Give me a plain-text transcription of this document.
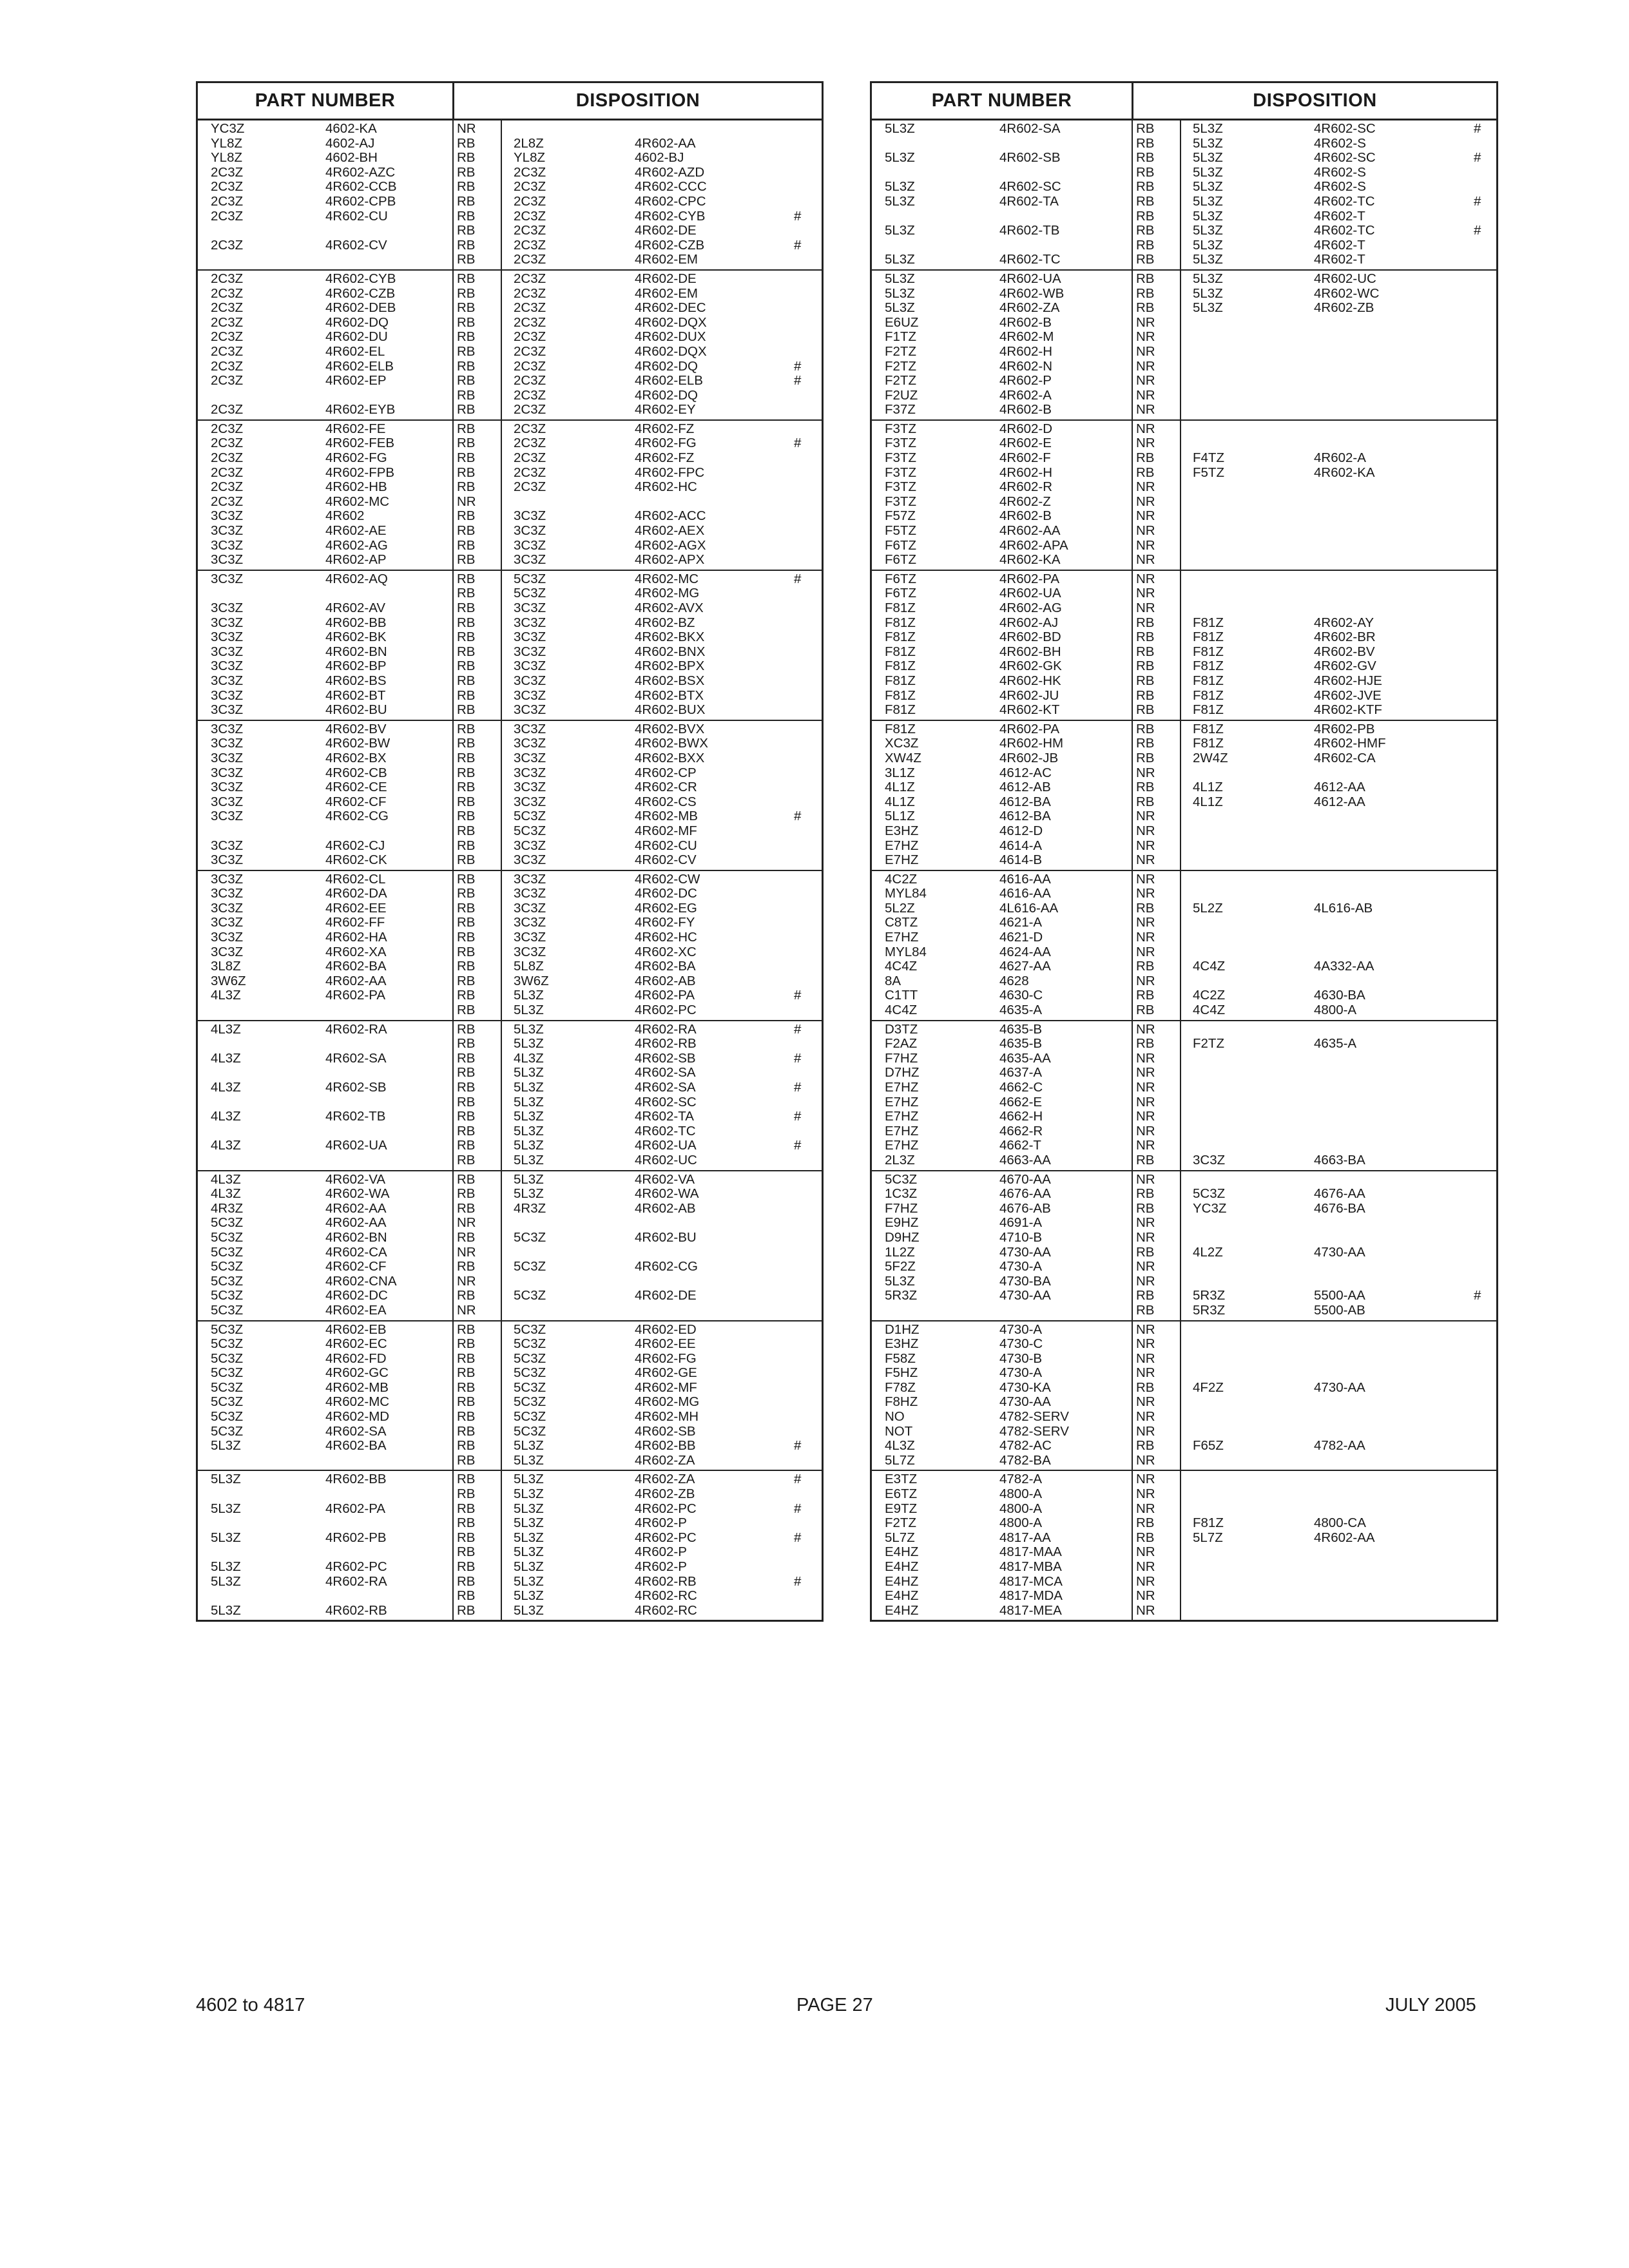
PART NUMBER	DISPOSITION
YC3Z	4602-KA	NR
YL8Z	4602-AJ	RB	2L8Z	4R602-AA
YL8Z	4602-BH	RB	YL8Z	4602-BJ
2C3Z	4R602-AZC	RB	2C3Z	4R602-AZD
2C3Z	4R602-CCB	RB	2C3Z	4R602-CCC
2C3Z	4R602-CPB	RB	2C3Z	4R602-CPC
2C3Z	4R602-CU	RB	2C3Z	4R602-CYB	#
RB	2C3Z	4R602-DE
2C3Z	4R602-CV	RB	2C3Z	4R602-CZB	#
RB	2C3Z	4R602-EM
2C3Z	4R602-CYB	RB	2C3Z	4R602-DE
2C3Z	4R602-CZB	RB	2C3Z	4R602-EM
2C3Z	4R602-DEB	RB	2C3Z	4R602-DEC
2C3Z	4R602-DQ	RB	2C3Z	4R602-DQX
2C3Z	4R602-DU	RB	2C3Z	4R602-DUX
2C3Z	4R602-EL	RB	2C3Z	4R602-DQX
2C3Z	4R602-ELB	RB	2C3Z	4R602-DQ	#
2C3Z	4R602-EP	RB	2C3Z	4R602-ELB	#
RB	2C3Z	4R602-DQ
2C3Z	4R602-EYB	RB	2C3Z	4R602-EY
2C3Z	4R602-FE	RB	2C3Z	4R602-FZ
2C3Z	4R602-FEB	RB	2C3Z	4R602-FG	#
2C3Z	4R602-FG	RB	2C3Z	4R602-FZ
2C3Z	4R602-FPB	RB	2C3Z	4R602-FPC
2C3Z	4R602-HB	RB	2C3Z	4R602-HC
2C3Z	4R602-MC	NR
3C3Z	4R602	RB	3C3Z	4R602-ACC
3C3Z	4R602-AE	RB	3C3Z	4R602-AEX
3C3Z	4R602-AG	RB	3C3Z	4R602-AGX
3C3Z	4R602-AP	RB	3C3Z	4R602-APX
3C3Z	4R602-AQ	RB	5C3Z	4R602-MC	#
RB	5C3Z	4R602-MG
3C3Z	4R602-AV	RB	3C3Z	4R602-AVX
3C3Z	4R602-BB	RB	3C3Z	4R602-BZ
3C3Z	4R602-BK	RB	3C3Z	4R602-BKX
3C3Z	4R602-BN	RB	3C3Z	4R602-BNX
3C3Z	4R602-BP	RB	3C3Z	4R602-BPX
3C3Z	4R602-BS	RB	3C3Z	4R602-BSX
3C3Z	4R602-BT	RB	3C3Z	4R602-BTX
3C3Z	4R602-BU	RB	3C3Z	4R602-BUX
3C3Z	4R602-BV	RB	3C3Z	4R602-BVX
3C3Z	4R602-BW	RB	3C3Z	4R602-BWX
3C3Z	4R602-BX	RB	3C3Z	4R602-BXX
3C3Z	4R602-CB	RB	3C3Z	4R602-CP
3C3Z	4R602-CE	RB	3C3Z	4R602-CR
3C3Z	4R602-CF	RB	3C3Z	4R602-CS
3C3Z	4R602-CG	RB	5C3Z	4R602-MB	#
RB	5C3Z	4R602-MF
3C3Z	4R602-CJ	RB	3C3Z	4R602-CU
3C3Z	4R602-CK	RB	3C3Z	4R602-CV
3C3Z	4R602-CL	RB	3C3Z	4R602-CW
3C3Z	4R602-DA	RB	3C3Z	4R602-DC
3C3Z	4R602-EE	RB	3C3Z	4R602-EG
3C3Z	4R602-FF	RB	3C3Z	4R602-FY
3C3Z	4R602-HA	RB	3C3Z	4R602-HC
3C3Z	4R602-XA	RB	3C3Z	4R602-XC
3L8Z	4R602-BA	RB	5L8Z	4R602-BA
3W6Z	4R602-AA	RB	3W6Z	4R602-AB
4L3Z	4R602-PA	RB	5L3Z	4R602-PA	#
RB	5L3Z	4R602-PC
4L3Z	4R602-RA	RB	5L3Z	4R602-RA	#
RB	5L3Z	4R602-RB
4L3Z	4R602-SA	RB	4L3Z	4R602-SB	#
RB	5L3Z	4R602-SA
4L3Z	4R602-SB	RB	5L3Z	4R602-SA	#
RB	5L3Z	4R602-SC
4L3Z	4R602-TB	RB	5L3Z	4R602-TA	#
RB	5L3Z	4R602-TC
4L3Z	4R602-UA	RB	5L3Z	4R602-UA	#
RB	5L3Z	4R602-UC
4L3Z	4R602-VA	RB	5L3Z	4R602-VA
4L3Z	4R602-WA	RB	5L3Z	4R602-WA
4R3Z	4R602-AA	RB	4R3Z	4R602-AB
5C3Z	4R602-AA	NR
5C3Z	4R602-BN	RB	5C3Z	4R602-BU
5C3Z	4R602-CA	NR
5C3Z	4R602-CF	RB	5C3Z	4R602-CG
5C3Z	4R602-CNA	NR
5C3Z	4R602-DC	RB	5C3Z	4R602-DE
5C3Z	4R602-EA	NR
5C3Z	4R602-EB	RB	5C3Z	4R602-ED
5C3Z	4R602-EC	RB	5C3Z	4R602-EE
5C3Z	4R602-FD	RB	5C3Z	4R602-FG
5C3Z	4R602-GC	RB	5C3Z	4R602-GE
5C3Z	4R602-MB	RB	5C3Z	4R602-MF
5C3Z	4R602-MC	RB	5C3Z	4R602-MG
5C3Z	4R602-MD	RB	5C3Z	4R602-MH
5C3Z	4R602-SA	RB	5C3Z	4R602-SB
5L3Z	4R602-BA	RB	5L3Z	4R602-BB	#
RB	5L3Z	4R602-ZA
5L3Z	4R602-BB	RB	5L3Z	4R602-ZA	#
RB	5L3Z	4R602-ZB
5L3Z	4R602-PA	RB	5L3Z	4R602-PC	#
RB	5L3Z	4R602-P
5L3Z	4R602-PB	RB	5L3Z	4R602-PC	#
RB	5L3Z	4R602-P
5L3Z	4R602-PC	RB	5L3Z	4R602-P
5L3Z	4R602-RA	RB	5L3Z	4R602-RB	#
RB	5L3Z	4R602-RC
5L3Z	4R602-RB	RB	5L3Z	4R602-RC
PART NUMBER	DISPOSITION
5L3Z	4R602-SA	RB	5L3Z	4R602-SC	#
RB	5L3Z	4R602-S
5L3Z	4R602-SB	RB	5L3Z	4R602-SC	#
RB	5L3Z	4R602-S
5L3Z	4R602-SC	RB	5L3Z	4R602-S
5L3Z	4R602-TA	RB	5L3Z	4R602-TC	#
RB	5L3Z	4R602-T
5L3Z	4R602-TB	RB	5L3Z	4R602-TC	#
RB	5L3Z	4R602-T
5L3Z	4R602-TC	RB	5L3Z	4R602-T
5L3Z	4R602-UA	RB	5L3Z	4R602-UC
5L3Z	4R602-WB	RB	5L3Z	4R602-WC
5L3Z	4R602-ZA	RB	5L3Z	4R602-ZB
E6UZ	4R602-B	NR
F1TZ	4R602-M	NR
F2TZ	4R602-H	NR
F2TZ	4R602-N	NR
F2TZ	4R602-P	NR
F2UZ	4R602-A	NR
F37Z	4R602-B	NR
F3TZ	4R602-D	NR
F3TZ	4R602-E	NR
F3TZ	4R602-F	RB	F4TZ	4R602-A
F3TZ	4R602-H	RB	F5TZ	4R602-KA
F3TZ	4R602-R	NR
F3TZ	4R602-Z	NR
F57Z	4R602-B	NR
F5TZ	4R602-AA	NR
F6TZ	4R602-APA	NR
F6TZ	4R602-KA	NR
F6TZ	4R602-PA	NR
F6TZ	4R602-UA	NR
F81Z	4R602-AG	NR
F81Z	4R602-AJ	RB	F81Z	4R602-AY
F81Z	4R602-BD	RB	F81Z	4R602-BR
F81Z	4R602-BH	RB	F81Z	4R602-BV
F81Z	4R602-GK	RB	F81Z	4R602-GV
F81Z	4R602-HK	RB	F81Z	4R602-HJE
F81Z	4R602-JU	RB	F81Z	4R602-JVE
F81Z	4R602-KT	RB	F81Z	4R602-KTF
F81Z	4R602-PA	RB	F81Z	4R602-PB
XC3Z	4R602-HM	RB	F81Z	4R602-HMF
XW4Z	4R602-JB	RB	2W4Z	4R602-CA
3L1Z	4612-AC	NR
4L1Z	4612-AB	RB	4L1Z	4612-AA
4L1Z	4612-BA	RB	4L1Z	4612-AA
5L1Z	4612-BA	NR
E3HZ	4612-D	NR
E7HZ	4614-A	NR
E7HZ	4614-B	NR
4C2Z	4616-AA	NR
MYL84	4616-AA	NR
5L2Z	4L616-AA	RB	5L2Z	4L616-AB
C8TZ	4621-A	NR
E7HZ	4621-D	NR
MYL84	4624-AA	NR
4C4Z	4627-AA	RB	4C4Z	4A332-AA
8A	4628	NR
C1TT	4630-C	RB	4C2Z	4630-BA
4C4Z	4635-A	RB	4C4Z	4800-A
D3TZ	4635-B	NR
F2AZ	4635-B	RB	F2TZ	4635-A
F7HZ	4635-AA	NR
D7HZ	4637-A	NR
E7HZ	4662-C	NR
E7HZ	4662-E	NR
E7HZ	4662-H	NR
E7HZ	4662-R	NR
E7HZ	4662-T	NR
2L3Z	4663-AA	RB	3C3Z	4663-BA
5C3Z	4670-AA	NR
1C3Z	4676-AA	RB	5C3Z	4676-AA
F7HZ	4676-AB	RB	YC3Z	4676-BA
E9HZ	4691-A	NR
D9HZ	4710-B	NR
1L2Z	4730-AA	RB	4L2Z	4730-AA
5F2Z	4730-A	NR
5L3Z	4730-BA	NR
5R3Z	4730-AA	RB	5R3Z	5500-AA	#
RB	5R3Z	5500-AB
D1HZ	4730-A	NR
E3HZ	4730-C	NR
F58Z	4730-B	NR
F5HZ	4730-A	NR
F78Z	4730-KA	RB	4F2Z	4730-AA
F8HZ	4730-AA	NR
NO	4782-SERV	NR
NOT	4782-SERV	NR
4L3Z	4782-AC	RB	F65Z	4782-AA
5L7Z	4782-BA	NR
E3TZ	4782-A	NR
E6TZ	4800-A	NR
E9TZ	4800-A	NR
F2TZ	4800-A	RB	F81Z	4800-CA
5L7Z	4817-AA	RB	5L7Z	4R602-AA
E4HZ	4817-MAA	NR
E4HZ	4817-MBA	NR
E4HZ	4817-MCA	NR
E4HZ	4817-MDA	NR
E4HZ	4817-MEA	NR
4602 to 4817	PAGE 27	JULY 2005
